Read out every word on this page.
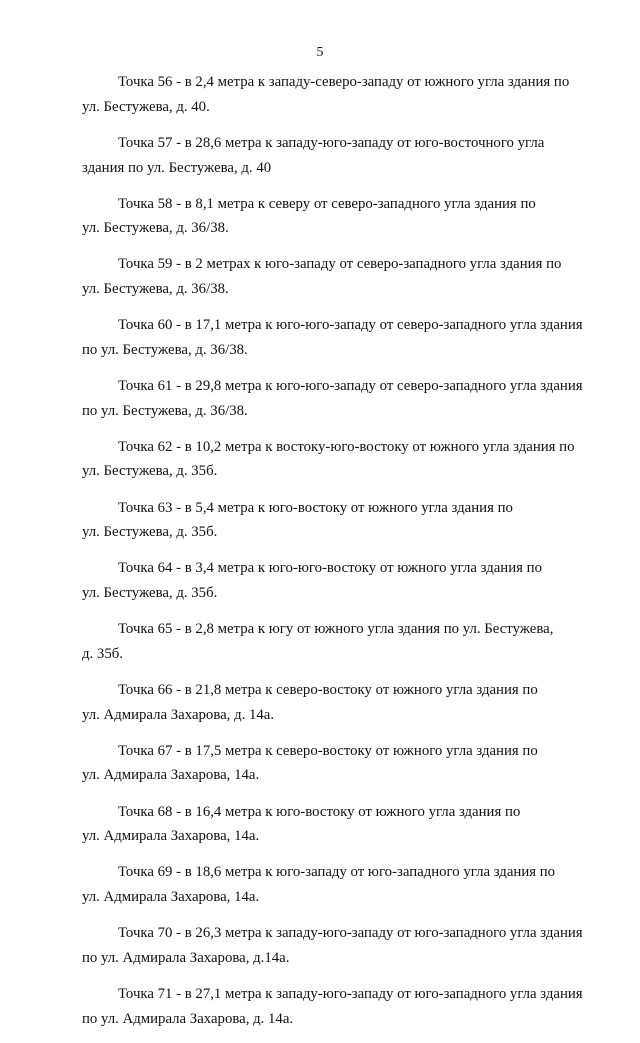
5

Точка 56 - в 2,4 метра к западу-северо-западу от южного угла здания по
ул. Бестужева, д. 40.

Точка 57 - в 28,6 метра к западу-юго-западу от юго-восточного угла
здания по ул. Бестужева, д. 40

Точка 58 - в 8,1 метра к северу от северо-западного угла здания по
ул. Бестужева, д. 36/38.

Точка 59 - в 2 метрах к юго-западу от северо-западного угла здания по
ул. Бестужева, д. 36/38.

Точка 60 - в 17,1 метра к юго-юго-западу от северо-западного угла здания
по ул. Бестужева, д. 36/38.

Точка 61 - в 29,8 метра к юго-юго-западу от северо-западного угла здания
по ул. Бестужева, д. 36/38.

Точка 62 - в 10,2 метра к востоку-юго-востоку от южного угла здания по
ул. Бестужева, д. 35б.

Точка 63 - в 5,4 метра к юго-востоку от южного угла здания по
ул. Бестужева, д. 35б.

Точка 64 - в 3,4 метра к юго-юго-востоку от южного угла здания по
ул. Бестужева, д. 35б.

Точка 65 - в 2,8 метра к югу от южного угла здания по ул. Бестужева,
д. 35б.

Точка 66 - в 21,8 метра к северо-востоку от южного угла здания по
ул. Адмирала Захарова, д. 14а.

Точка 67 - в 17,5 метра к северо-востоку от южного угла здания по
ул. Адмирала Захарова, 14а.

Точка 68 - в 16,4 метра к юго-востоку от южного угла здания по
ул. Адмирала Захарова, 14а.

Точка 69 - в 18,6 метра к юго-западу от юго-западного угла здания по
ул. Адмирала Захарова, 14а.

Точка 70 - в 26,3 метра к западу-юго-западу от юго-западного угла здания
по ул. Адмирала Захарова, д.14а.

Точка 71 - в 27,1 метра к западу-юго-западу от юго-западного угла здания
по ул. Адмирала Захарова, д. 14а.
